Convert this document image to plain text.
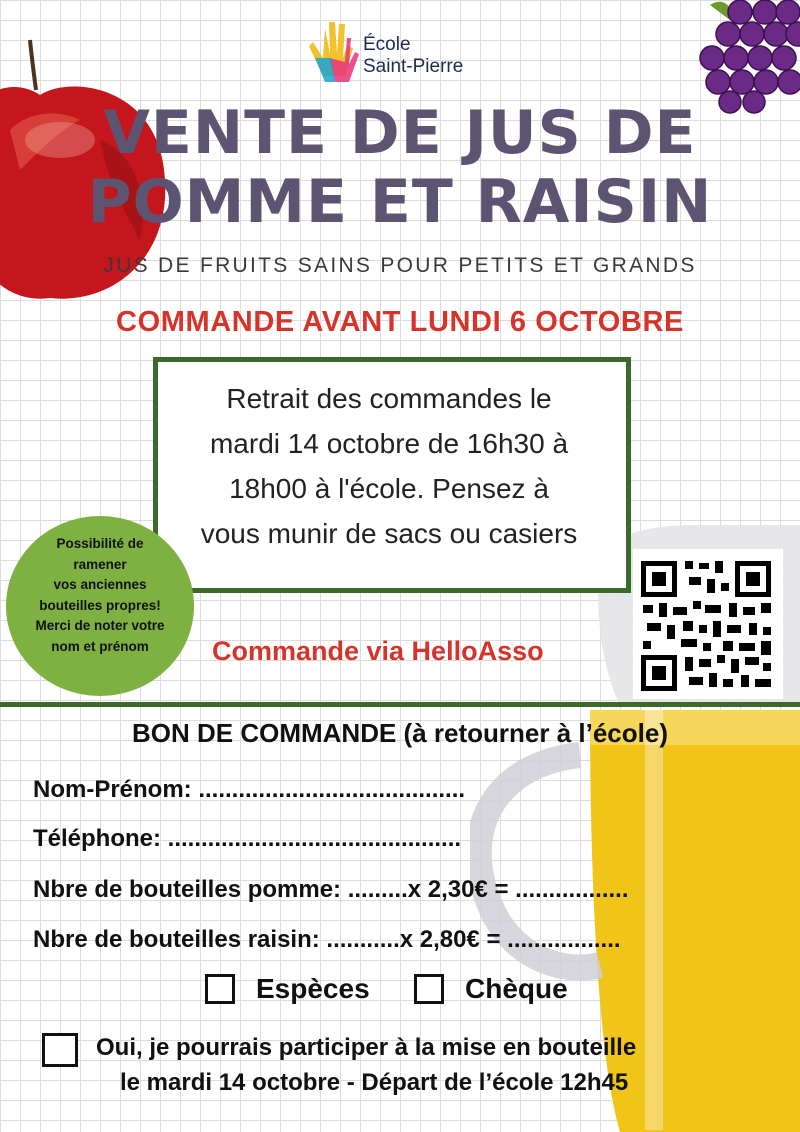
École
Saint-Pierre
VENTE DE JUS DE
POMME ET RAISIN
JUS DE FRUITS SAINS POUR PETITS ET GRANDS
COMMANDE AVANT LUNDI 6 OCTOBRE
Retrait des commandes le
mardi 14 octobre de 16h30 à
18h00 à l'école. Pensez à
vous munir de sacs ou casiers
Possibilité de
ramener
vos anciennes
bouteilles propres!
Merci de noter votre
nom et prénom	Commande via HelloAsso
BON DE COMMANDE (à retourner à l’école)
Nom-Prénom: ........................................
Téléphone: ............................................
Nbre de bouteilles pomme: .........x 2,30€ = .................
Nbre de bouteilles raisin: ...........x 2,80€ = .................
Espèces	Chèque
Oui, je pourrais participer à la mise en bouteille
le mardi 14 octobre - Départ de l’école 12h45
